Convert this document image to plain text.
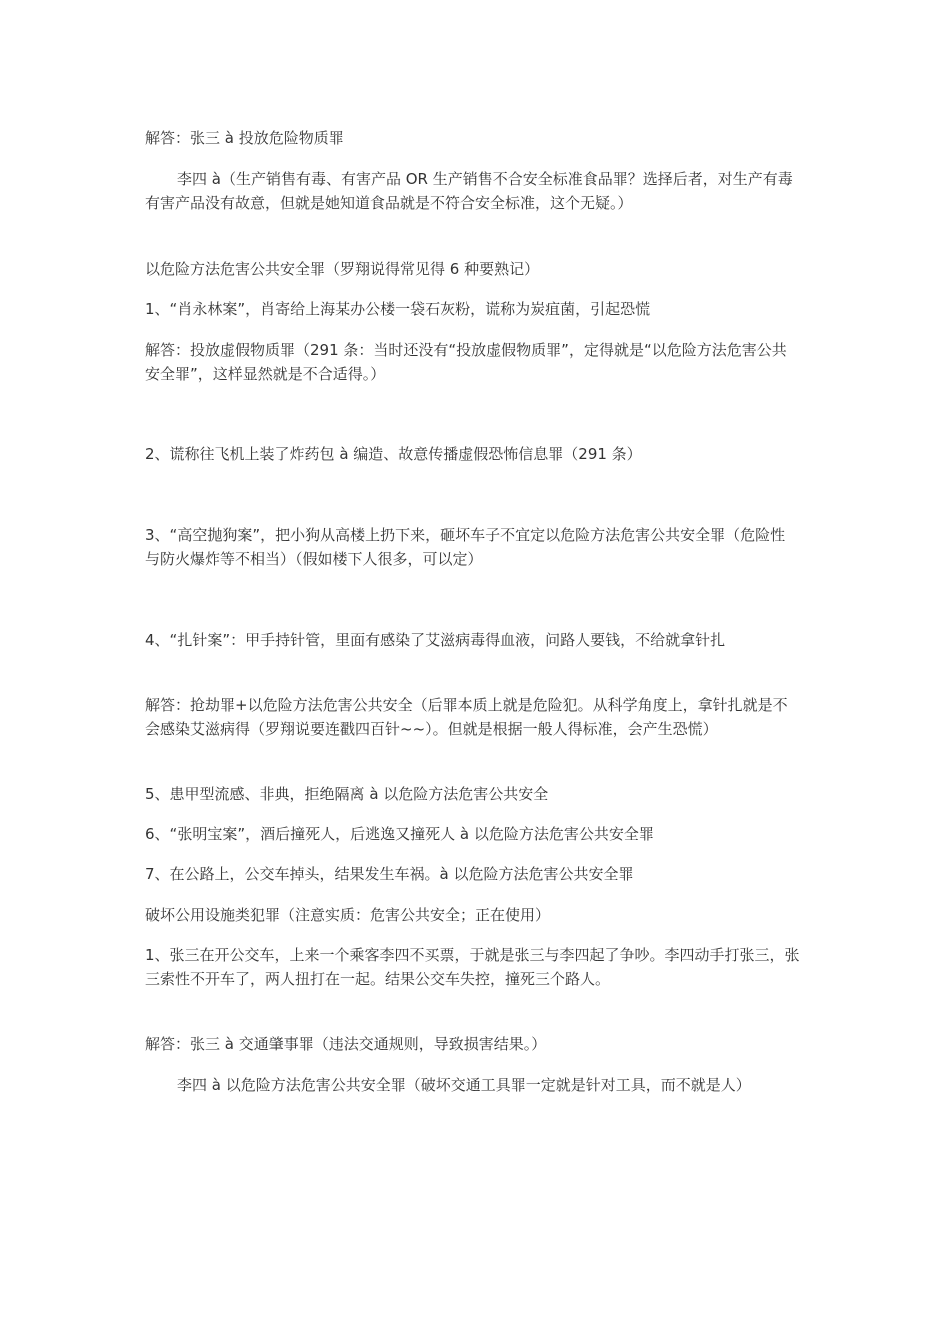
解答：张三 à 投放危险物质罪

李四 à（生产销售有毒、有害产品 OR 生产销售不合安全标准食品罪？选择后者，对生产有毒有害产品没有故意，但就是她知道食品就是不符合安全标准，这个无疑。）

以危险方法危害公共安全罪（罗翔说得常见得 6 种要熟记）

1、“肖永林案”，肖寄给上海某办公楼一袋石灰粉，谎称为炭疽菌，引起恐慌

解答：投放虚假物质罪（291 条：当时还没有“投放虚假物质罪”，定得就是“以危险方法危害公共安全罪”，这样显然就是不合适得。）

2、谎称往飞机上装了炸药包 à 编造、故意传播虚假恐怖信息罪（291 条）

3、“高空抛狗案”，把小狗从高楼上扔下来，砸坏车子不宜定以危险方法危害公共安全罪（危险性与防火爆炸等不相当）（假如楼下人很多，可以定）

4、“扎针案”：甲手持针管，里面有感染了艾滋病毒得血液，问路人要钱，不给就拿针扎

解答：抢劫罪+以危险方法危害公共安全（后罪本质上就是危险犯。从科学角度上，拿针扎就是不会感染艾滋病得（罗翔说要连戳四百针~~）。但就是根据一般人得标准，会产生恐慌）

5、患甲型流感、非典，拒绝隔离 à 以危险方法危害公共安全

6、“张明宝案”，酒后撞死人，后逃逸又撞死人 à 以危险方法危害公共安全罪

7、在公路上，公交车掉头，结果发生车祸。à 以危险方法危害公共安全罪

破坏公用设施类犯罪（注意实质：危害公共安全；正在使用）

1、张三在开公交车，上来一个乘客李四不买票，于就是张三与李四起了争吵。李四动手打张三，张三索性不开车了，两人扭打在一起。结果公交车失控，撞死三个路人。

解答：张三 à 交通肇事罪（违法交通规则，导致损害结果。）

李四 à 以危险方法危害公共安全罪（破坏交通工具罪一定就是针对工具，而不就是人）
